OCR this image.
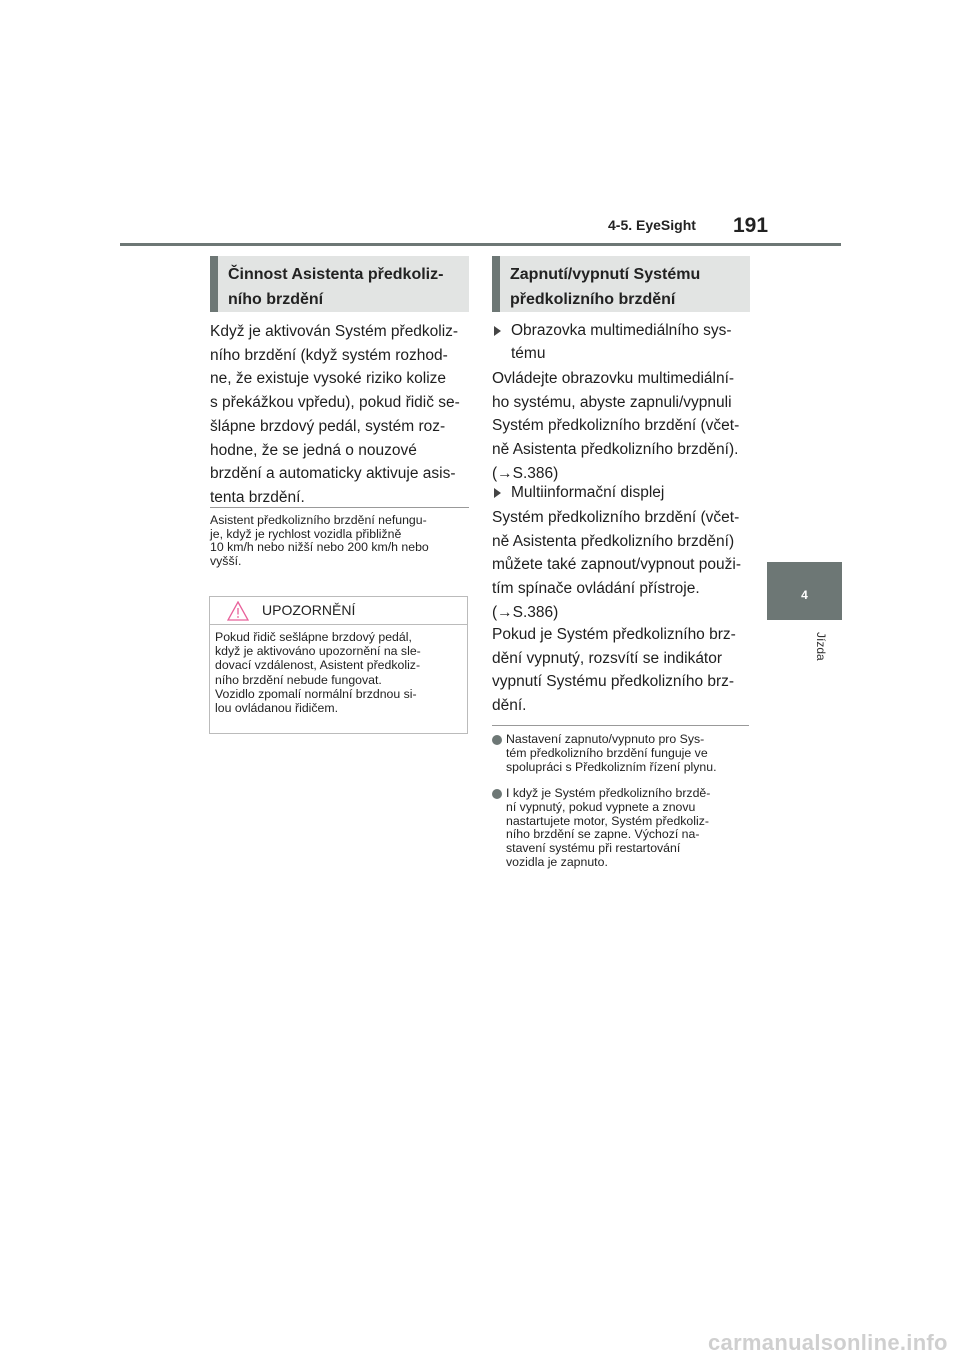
4-5. EyeSight 191
4
Jízda
Činnost Asistenta předkoliz-
ního brzdění
Když je aktivován Systém předkoliz-
ního brzdění (když systém rozhod-
ne, že existuje vysoké riziko kolize
s překážkou vpředu), pokud řidič se-
šlápne brzdový pedál, systém roz-
hodne, že se jedná o nouzové
brzdění a automaticky aktivuje asis-
tenta brzdění.
Asistent předkolizního brzdění nefungu-
je, když je rychlost vozidla přibližně
10 km/h nebo nižší nebo 200 km/h nebo
vyšší.
UPOZORNĚNÍ
Pokud řidič sešlápne brzdový pedál,
když je aktivováno upozornění na sle-
dovací vzdálenost, Asistent předkoliz-
ního brzdění nebude fungovat.
Vozidlo zpomalí normální brzdnou si-
lou ovládanou řidičem.
Zapnutí/vypnutí Systému
předkolizního brzdění
Obrazovka multimediálního sys-
tému
Ovládejte obrazovku multimediální-
ho systému, abyste zapnuli/vypnuli
Systém předkolizního brzdění (včet-
ně Asistenta předkolizního brzdění).
(→S.386)
Multiinformační displej
Systém předkolizního brzdění (včet-
ně Asistenta předkolizního brzdění)
můžete také zapnout/vypnout použi-
tím spínače ovládání přístroje.
(→S.386)
Pokud je Systém předkolizního brz-
dění vypnutý, rozsvítí se indikátor
vypnutí Systému předkolizního brz-
dění.
Nastavení zapnuto/vypnuto pro Sys-
tém předkolizního brzdění funguje ve
spolupráci s Předkolizním řízení plynu.
I když je Systém předkolizního brzdě-
ní vypnutý, pokud vypnete a znovu
nastartujete motor, Systém předkoliz-
ního brzdění se zapne. Výchozí na-
stavení systému při restartování
vozidla je zapnuto.
carmanualsonline.info
